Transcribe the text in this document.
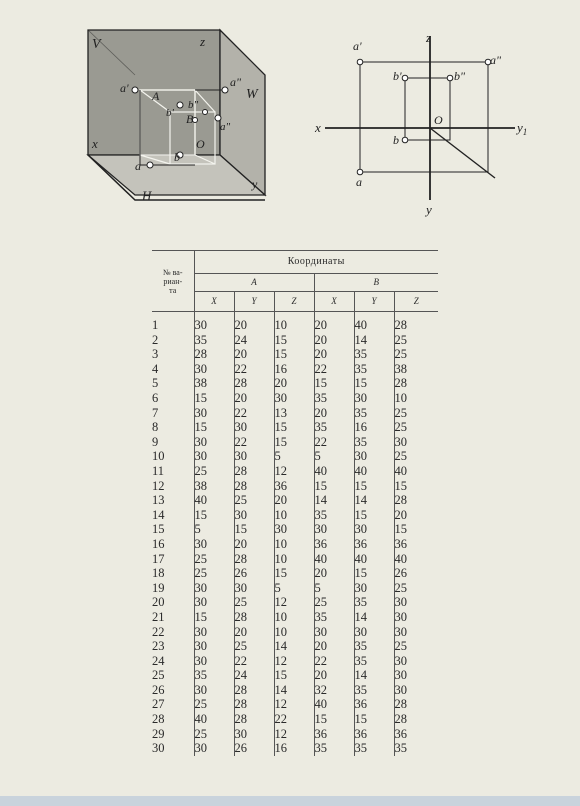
V	z
a'
A
a"
W
b"
B
b'
a"
x
b
O
a
H
y
z
a'
a"
b'	b"
x	O	$y_1$
b
a
y
№ ва-
риан-
та	Координаты					
	A			B		
	X	Y	Z	X	Y	Z
1	30	20	10	20	40	28
2	35	24	15	20	14	25
3	28	20	15	20	35	25
4	30	22	16	22	35	38
5	38	28	20	15	15	28
6	15	20	30	35	30	10
7	30	22	13	20	35	25
8	15	30	15	35	16	25
9	30	22	15	22	35	30
10	30	30	5	5	30	25
11	25	28	12	40	40	40
12	38	28	36	15	15	15
13	40	25	20	14	14	28
14	15	30	10	35	15	20
15	5	15	30	30	30	15
16	30	20	10	36	36	36
17	25	28	10	40	40	40
18	25	26	15	20	15	26
19	30	30	5	5	30	25
20	30	25	12	25	35	30
21	15	28	10	35	14	30
22	30	20	10	30	30	30
23	30	25	14	20	35	25
24	30	22	12	22	35	30
25	35	24	15	20	14	30
26	30	28	14	32	35	30
27	25	28	12	40	36	28
28	40	28	22	15	15	28
29	25	30	12	36	36	36
30	30	26	16	35	35	35
